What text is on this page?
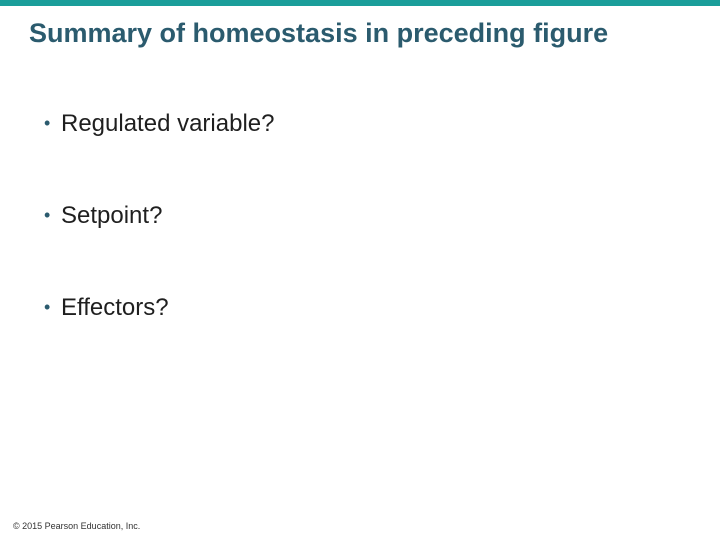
Summary of homeostasis in preceding figure
• Regulated variable?
• Setpoint?
• Effectors?
© 2015 Pearson Education, Inc.
